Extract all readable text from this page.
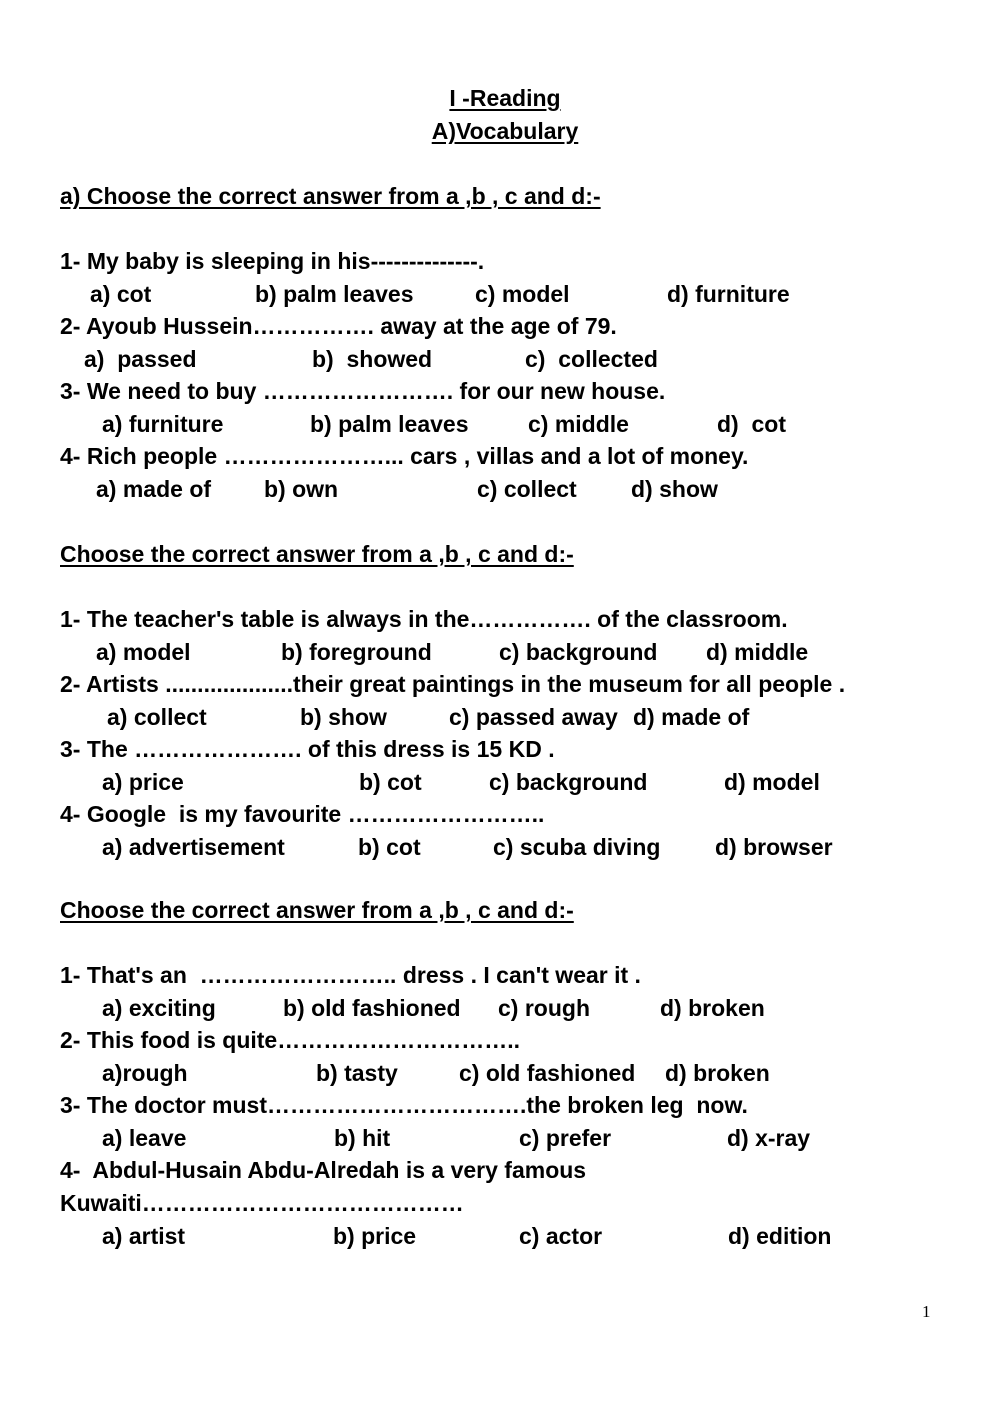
I -Reading
A)Vocabulary
a) Choose the correct answer from a ,b , c and d:-
1- My baby is sleeping in his--------------.
a) cot	b) palm leaves	c) model	d) furniture
2- Ayoub Hussein……………. away at the age of 79.
a)  passed	b)  showed	c)  collected
3- We need to buy ……………………. for our new house.
a) furniture	b) palm leaves	c) middle	d)  cot
4- Rich people …………………... cars , villas and a lot of money.
a) made of b) own	c) collect d) show
Choose the correct answer from a ,b , c and d:-
1- The teacher's table is always in the……………. of the classroom.
a) model	b) foreground	c) background d) middle
2- Artists ....................their great paintings in the museum for all people .
a) collect	b) show	c) passed away d) made of
3- The …………………. of this dress is 15 KD .
a) price	b) cot	c) background	d) model
4- Google  is my favourite ……………………..
a) advertisement	b) cot	c) scuba diving d) browser
Choose the correct answer from a ,b , c and d:-
1- That's an  …………………….. dress . I can't wear it .
a) exciting	b) old fashioned c) rough	d) broken
2- This food is quite…………………………..
a)rough	b) tasty	c) old fashioned d) broken
3- The doctor must…………………………….the broken leg  now.
a) leave	b) hit	c) prefer	d) x-ray
4-  Abdul-Husain Abdu-Alredah is a very famous
Kuwaiti……………………………………
a) artist	b) price	c) actor	d) edition
1
